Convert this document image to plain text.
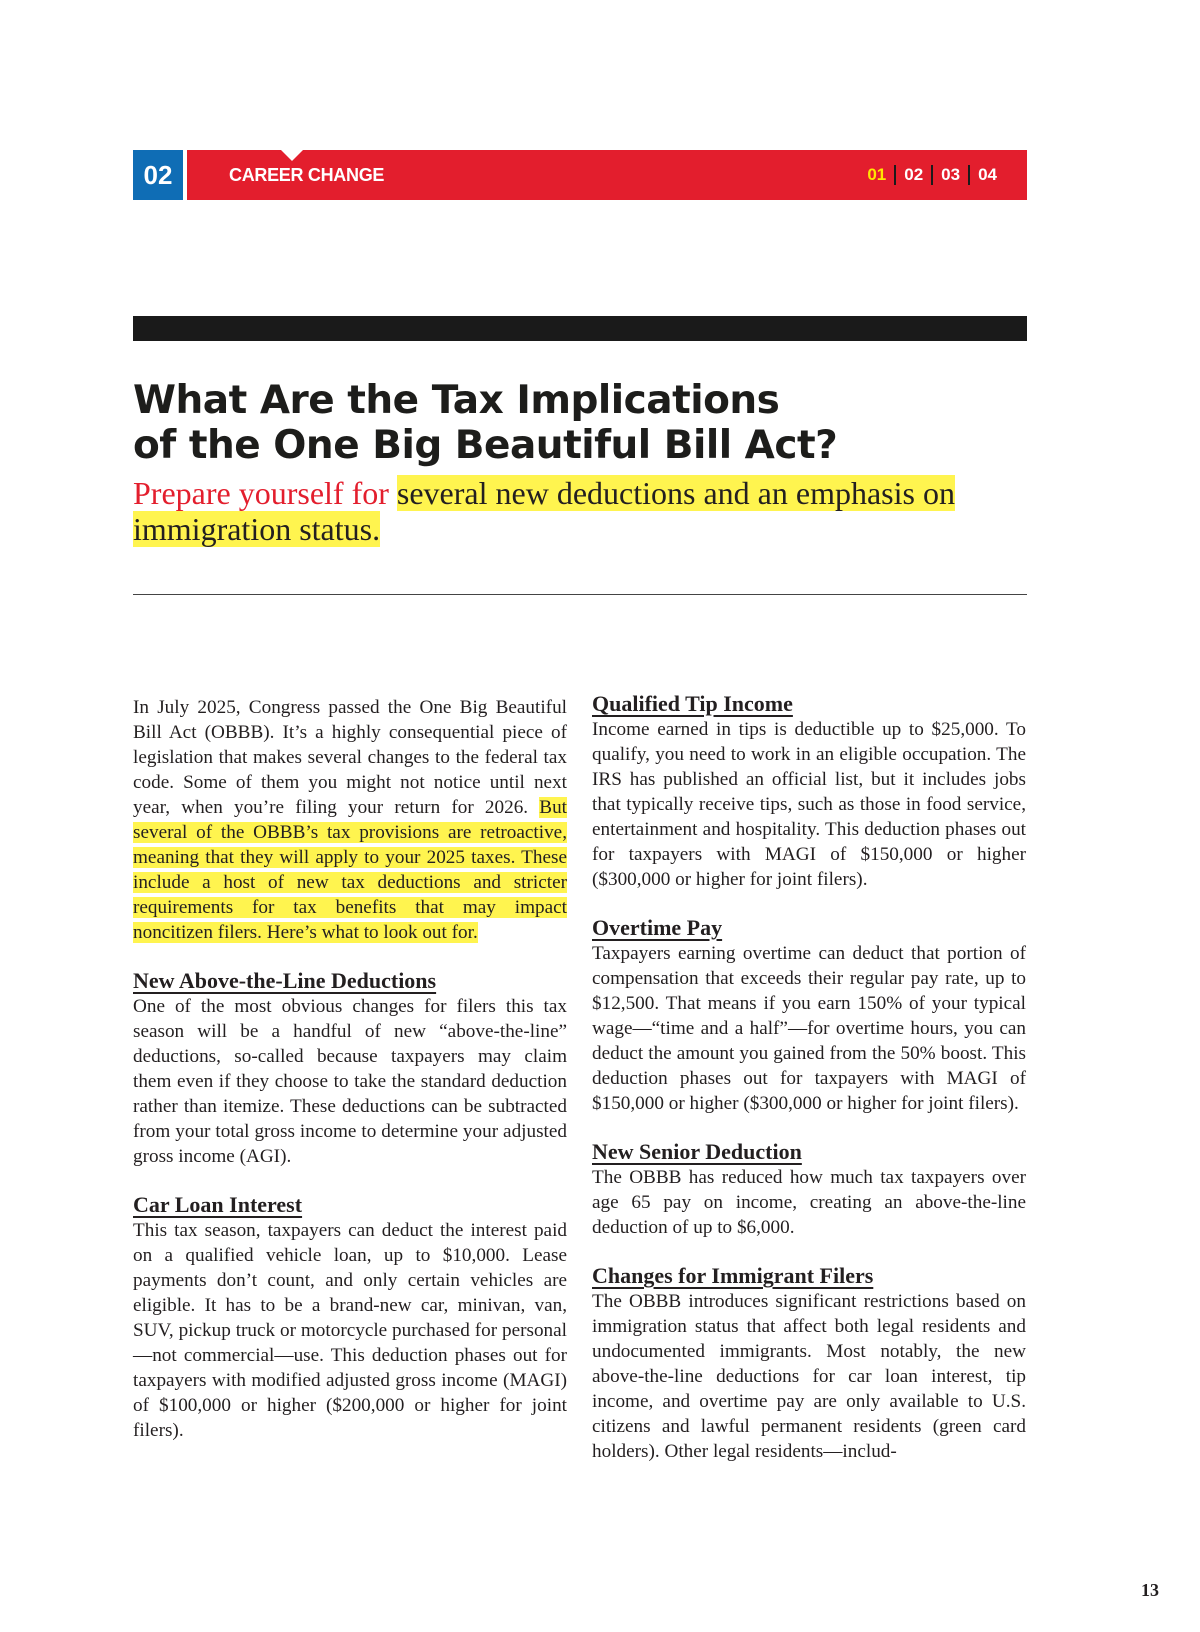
02	CAREER CHANGE	01	02	03	04
What Are the Tax Implications
of the One Big Beautiful Bill Act?

Prepare yourself for several new deductions and an emphasis on immigration status.

In July 2025, Congress passed the One Big Beautiful Bill Act (OBBB). It’s a highly consequential piece of legislation that makes several changes to the federal tax code. Some of them you might not notice until next year, when you’re filing your return for 2026. But several of the OBBB’s tax provisions are retroactive, meaning that they will apply to your 2025 taxes. These include a host of new tax deductions and stricter requirements for tax benefits that may impact noncitizen filers. Here’s what to look out for.

New Above-the-Line Deductions

One of the most obvious changes for filers this tax season will be a handful of new “above-the-line” deductions, so-called because taxpayers may claim them even if they choose to take the standard deduction rather than itemize. These deductions can be subtracted from your total gross income to determine your adjusted gross income (AGI).

Car Loan Interest

This tax season, taxpayers can deduct the interest paid on a qualified vehicle loan, up to $10,000. Lease payments don’t count, and only certain vehicles are eligible. It has to be a brand-new car, minivan, van, SUV, pickup truck or motorcycle purchased for personal—not commercial—use. This deduction phases out for taxpayers with modified adjusted gross income (MAGI) of $100,000 or higher ($200,000 or higher for joint filers).

Qualified Tip Income

Income earned in tips is deductible up to $25,000. To qualify, you need to work in an eligible occupation. The IRS has published an official list, but it includes jobs that typically receive tips, such as those in food service, entertainment and hospitality. This deduction phases out for taxpayers with MAGI of $150,000 or higher ($300,000 or higher for joint filers).

Overtime Pay

Taxpayers earning overtime can deduct that portion of compensation that exceeds their regular pay rate, up to $12,500. That means if you earn 150% of your typical wage—“time and a half”—for overtime hours, you can deduct the amount you gained from the 50% boost. This deduction phases out for taxpayers with MAGI of $150,000 or higher ($300,000 or higher for joint filers).

New Senior Deduction

The OBBB has reduced how much tax taxpayers over age 65 pay on income, creating an above-the-line deduction of up to $6,000.

Changes for Immigrant Filers

The OBBB introduces significant restrictions based on immigration status that affect both legal residents and undocumented immigrants. Most notably, the new above-the-line deductions for car loan interest, tip income, and overtime pay are only available to U.S. citizens and lawful permanent residents (green card holders). Other legal residents—includ-

13
